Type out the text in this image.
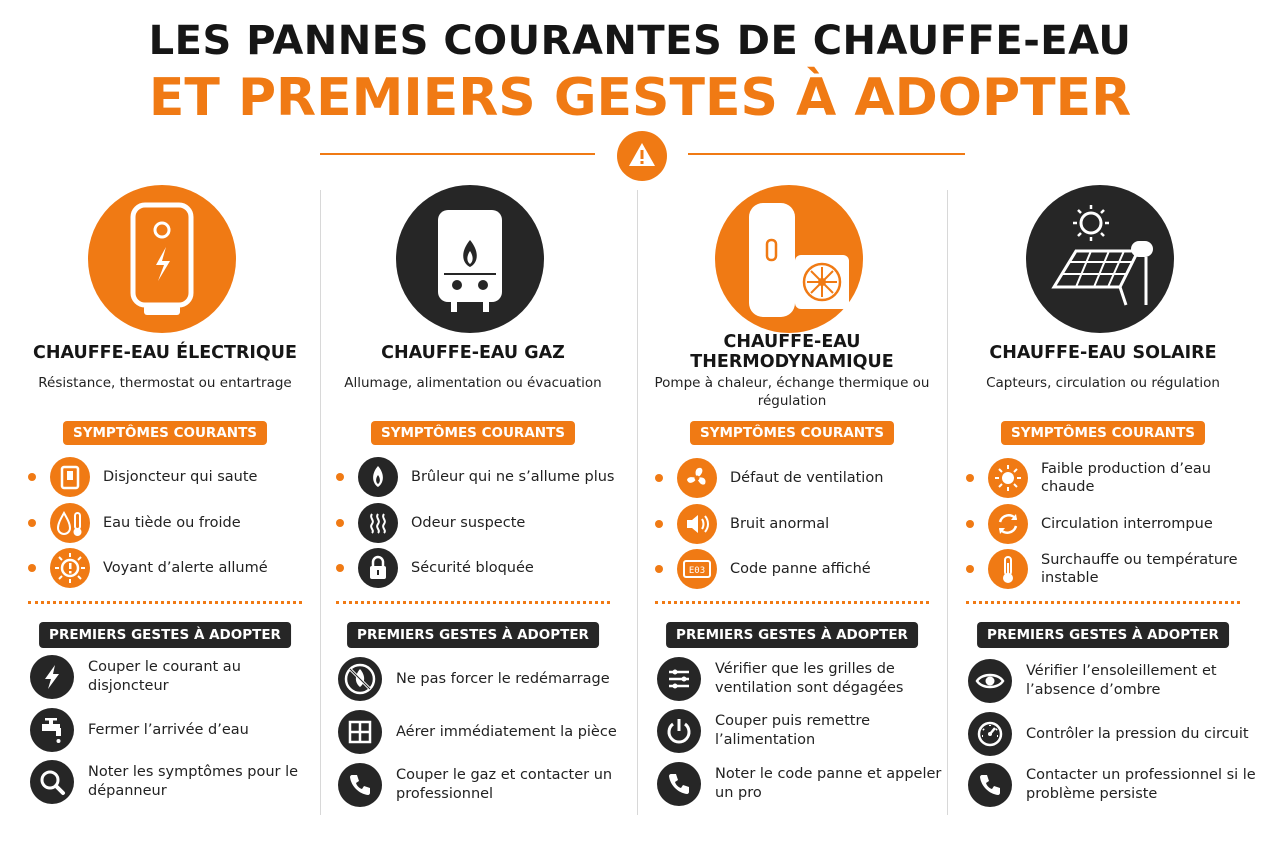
LES PANNES COURANTES DE CHAUFFE-EAU
ET PREMIERS GESTES À ADOPTER
CHAUFFE-EAU ÉLECTRIQUE
Résistance, thermostat ou entartrage
SYMPTÔMES COURANTS
Disjoncteur qui saute
Eau tiède ou froide
Voyant d’alerte allumé
PREMIERS GESTES À ADOPTER
Couper le courant au disjoncteur
Fermer l’arrivée d’eau
Noter les symptômes pour le dépanneur
CHAUFFE-EAU GAZ
Allumage, alimentation ou évacuation
SYMPTÔMES COURANTS
Brûleur qui ne s’allume plus
Odeur suspecte
Sécurité bloquée
PREMIERS GESTES À ADOPTER
Ne pas forcer le redémarrage
Aérer immédiatement la pièce
Couper le gaz et contacter un professionnel
CHAUFFE-EAU THERMODYNAMIQUE
Pompe à chaleur, échange thermique ou régulation
SYMPTÔMES COURANTS
Défaut de ventilation
Bruit anormal
E03 Code panne affiché
PREMIERS GESTES À ADOPTER
Vérifier que les grilles de ventilation sont dégagées
Couper puis remettre l’alimentation
Noter le code panne et appeler un pro
CHAUFFE-EAU SOLAIRE
Capteurs, circulation ou régulation
SYMPTÔMES COURANTS
Faible production d’eau chaude
Circulation interrompue
Surchauffe ou température instable
PREMIERS GESTES À ADOPTER
Vérifier l’ensoleillement et l’absence d’ombre
Contrôler la pression du circuit
Contacter un professionnel si le problème persiste
